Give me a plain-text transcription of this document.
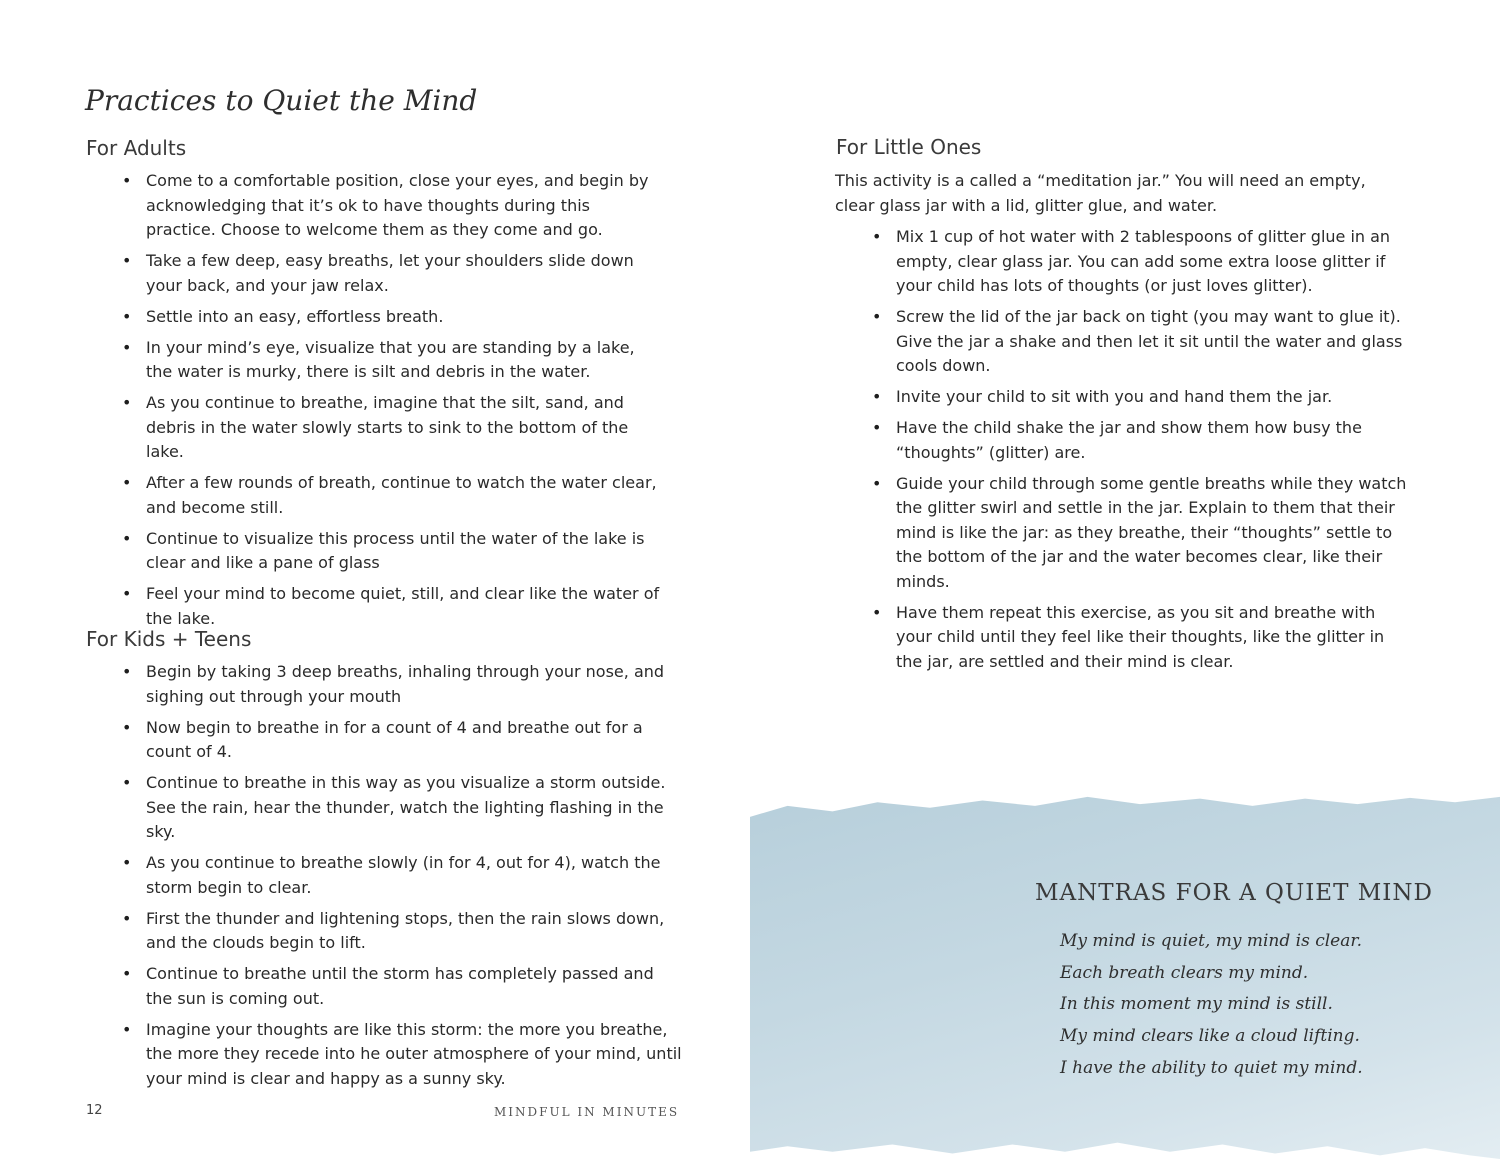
Practices to Quiet the Mind
For Adults
• Come to a comfortable position, close your eyes, and begin by acknowledging that it’s ok to have thoughts during this practice. Choose to welcome them as they come and go.
• Take a few deep, easy breaths, let your shoulders slide down your back, and your jaw relax.
• Settle into an easy, effortless breath.
• In your mind’s eye, visualize that you are standing by a lake, the water is murky, there is silt and debris in the water.
• As you continue to breathe, imagine that the silt, sand, and debris in the water slowly starts to sink to the bottom of the lake.
• After a few rounds of breath, continue to watch the water clear, and become still.
• Continue to visualize this process until the water of the lake is clear and like a pane of glass
• Feel your mind to become quiet, still, and clear like the water of the lake.
For Kids + Teens
• Begin by taking 3 deep breaths, inhaling through your nose, and sighing out through your mouth
• Now begin to breathe in for a count of 4 and breathe out for a count of 4.
• Continue to breathe in this way as you visualize a storm outside. See the rain, hear the thunder, watch the lighting flashing in the sky.
• As you continue to breathe slowly (in for 4, out for 4), watch the storm begin to clear.
• First the thunder and lightening stops, then the rain slows down, and the clouds begin to lift.
• Continue to breathe until the storm has completely passed and the sun is coming out.
• Imagine your thoughts are like this storm: the more you breathe, the more they recede into he outer atmosphere of your mind, until your mind is clear and happy as a sunny sky.
For Little Ones

This activity is a called a “meditation jar.” You will need an empty, clear glass jar with a lid, glitter glue, and water.

• Mix 1 cup of hot water with 2 tablespoons of glitter glue in an empty, clear glass jar. You can add some extra loose glitter if your child has lots of thoughts (or just loves glitter).
• Screw the lid of the jar back on tight (you may want to glue it). Give the jar a shake and then let it sit until the water and glass cools down.
• Invite your child to sit with you and hand them the jar.
• Have the child shake the jar and show them how busy the “thoughts” (glitter) are.
• Guide your child through some gentle breaths while they watch the glitter swirl and settle in the jar. Explain to them that their mind is like the jar: as they breathe, their “thoughts” settle to the bottom of the jar and the water becomes clear, like their minds.
• Have them repeat this exercise, as you sit and breathe with your child until they feel like their thoughts, like the glitter in the jar, are settled and their mind is clear.
MANTRAS FOR A QUIET MIND
My mind is quiet, my mind is clear.
Each breath clears my mind.
In this moment my mind is still.
My mind clears like a cloud lifting.
I have the ability to quiet my mind.
12	MINDFUL IN MINUTES
